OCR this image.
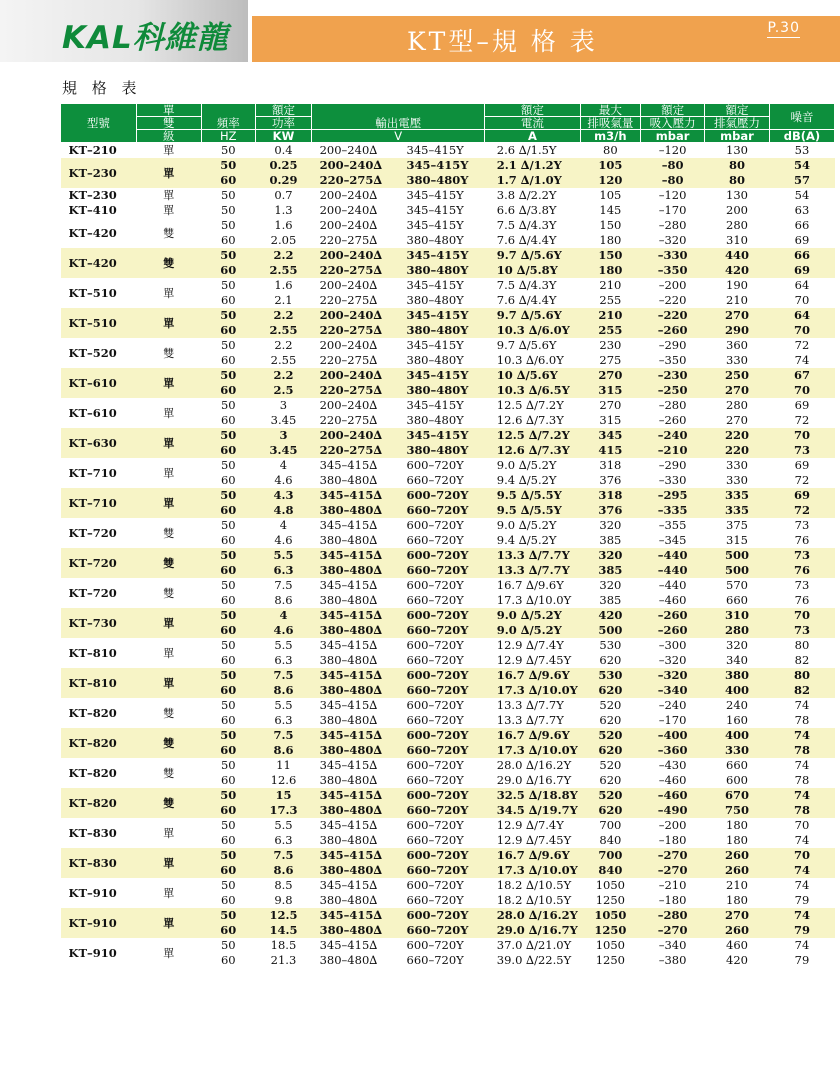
KAL科維龍	KT型–規 格 表	P.30
規 格 表
型號	單	頻率	額定	輸出電壓		額定	最大	額定	額定	噪音
	雙		功率			電流	排吸氣量	吸入壓力	排氣壓力	
	級	HZ	KW	V		A	m3/h	mbar	mbar	dB(A)
KT–210	單	50	0.4	200–240∆	345–415Y	2.6 ∆/1.5Y	80	–120	130	53
KT–230	單	50	0.25	200–240∆	345–415Y	2.1 ∆/1.2Y	105	–80	80	54
		60	0.29	220–275∆	380–480Y	1.7 ∆/1.0Y	120	–80	80	57
KT–230	單	50	0.7	200–240∆	345–415Y	3.8 ∆/2.2Y	105	–120	130	54
KT–410	單	50	1.3	200–240∆	345–415Y	6.6 ∆/3.8Y	145	–170	200	63
KT–420	雙	50	1.6	200–240∆	345–415Y	7.5 ∆/4.3Y	150	–280	280	66
		60	2.05	220–275∆	380–480Y	7.6 ∆/4.4Y	180	–320	310	69
KT–420	雙	50	2.2	200–240∆	345–415Y	9.7 ∆/5.6Y	150	–330	440	66
		60	2.55	220–275∆	380–480Y	10 ∆/5.8Y	180	–350	420	69
KT–510	單	50	1.6	200–240∆	345–415Y	7.5 ∆/4.3Y	210	–200	190	64
		60	2.1	220–275∆	380–480Y	7.6 ∆/4.4Y	255	–220	210	70
KT–510	單	50	2.2	200–240∆	345–415Y	9.7 ∆/5.6Y	210	–220	270	64
		60	2.55	220–275∆	380–480Y	10.3 ∆/6.0Y	255	–260	290	70
KT–520	雙	50	2.2	200–240∆	345–415Y	9.7 ∆/5.6Y	230	–290	360	72
		60	2.55	220–275∆	380–480Y	10.3 ∆/6.0Y	275	–350	330	74
KT–610	單	50	2.2	200–240∆	345–415Y	10 ∆/5.6Y	270	–230	250	67
		60	2.5	220–275∆	380–480Y	10.3 ∆/6.5Y	315	–250	270	70
KT–610	單	50	3	200–240∆	345–415Y	12.5 ∆/7.2Y	270	–280	280	69
		60	3.45	220–275∆	380–480Y	12.6 ∆/7.3Y	315	–260	270	72
KT–630	單	50	3	200–240∆	345–415Y	12.5 ∆/7.2Y	345	–240	220	70
		60	3.45	220–275∆	380–480Y	12.6 ∆/7.3Y	415	–210	220	73
KT–710	單	50	4	345–415∆	600–720Y	9.0 ∆/5.2Y	318	–290	330	69
		60	4.6	380–480∆	660–720Y	9.4 ∆/5.2Y	376	–330	330	72
KT–710	單	50	4.3	345–415∆	600–720Y	9.5 ∆/5.5Y	318	–295	335	69
		60	4.8	380–480∆	660–720Y	9.5 ∆/5.5Y	376	–335	335	72
KT–720	雙	50	4	345–415∆	600–720Y	9.0 ∆/5.2Y	320	–355	375	73
		60	4.6	380–480∆	660–720Y	9.4 ∆/5.2Y	385	–345	315	76
KT–720	雙	50	5.5	345–415∆	600–720Y	13.3 ∆/7.7Y	320	–440	500	73
		60	6.3	380–480∆	660–720Y	13.3 ∆/7.7Y	385	–440	500	76
KT–720	雙	50	7.5	345–415∆	600–720Y	16.7 ∆/9.6Y	320	–440	570	73
		60	8.6	380–480∆	660–720Y	17.3 ∆/10.0Y	385	–460	660	76
KT–730	單	50	4	345–415∆	600–720Y	9.0 ∆/5.2Y	420	–260	310	70
		60	4.6	380–480∆	660–720Y	9.0 ∆/5.2Y	500	–260	280	73
KT–810	單	50	5.5	345–415∆	600–720Y	12.9 ∆/7.4Y	530	–300	320	80
		60	6.3	380–480∆	660–720Y	12.9 ∆/7.45Y	620	–320	340	82
KT–810	單	50	7.5	345–415∆	600–720Y	16.7 ∆/9.6Y	530	–320	380	80
		60	8.6	380–480∆	660–720Y	17.3 ∆/10.0Y	620	–340	400	82
KT–820	雙	50	5.5	345–415∆	600–720Y	13.3 ∆/7.7Y	520	–240	240	74
		60	6.3	380–480∆	660–720Y	13.3 ∆/7.7Y	620	–170	160	78
KT–820	雙	50	7.5	345–415∆	600–720Y	16.7 ∆/9.6Y	520	–400	400	74
		60	8.6	380–480∆	660–720Y	17.3 ∆/10.0Y	620	–360	330	78
KT–820	雙	50	11	345–415∆	600–720Y	28.0 ∆/16.2Y	520	–430	660	74
		60	12.6	380–480∆	660–720Y	29.0 ∆/16.7Y	620	–460	600	78
KT–820	雙	50	15	345–415∆	600–720Y	32.5 ∆/18.8Y	520	–460	670	74
		60	17.3	380–480∆	660–720Y	34.5 ∆/19.7Y	620	–490	750	78
KT–830	單	50	5.5	345–415∆	600–720Y	12.9 ∆/7.4Y	700	–200	180	70
		60	6.3	380–480∆	660–720Y	12.9 ∆/7.45Y	840	–180	180	74
KT–830	單	50	7.5	345–415∆	600–720Y	16.7 ∆/9.6Y	700	–270	260	70
		60	8.6	380–480∆	660–720Y	17.3 ∆/10.0Y	840	–270	260	74
KT–910	單	50	8.5	345–415∆	600–720Y	18.2 ∆/10.5Y	1050	–210	210	74
		60	9.8	380–480∆	660–720Y	18.2 ∆/10.5Y	1250	–180	180	79
KT–910	單	50	12.5	345–415∆	600–720Y	28.0 ∆/16.2Y	1050	–280	270	74
		60	14.5	380–480∆	660–720Y	29.0 ∆/16.7Y	1250	–270	260	79
KT–910	單	50	18.5	345–415∆	600–720Y	37.0 ∆/21.0Y	1050	–340	460	74
		60	21.3	380–480∆	660–720Y	39.0 ∆/22.5Y	1250	–380	420	79
